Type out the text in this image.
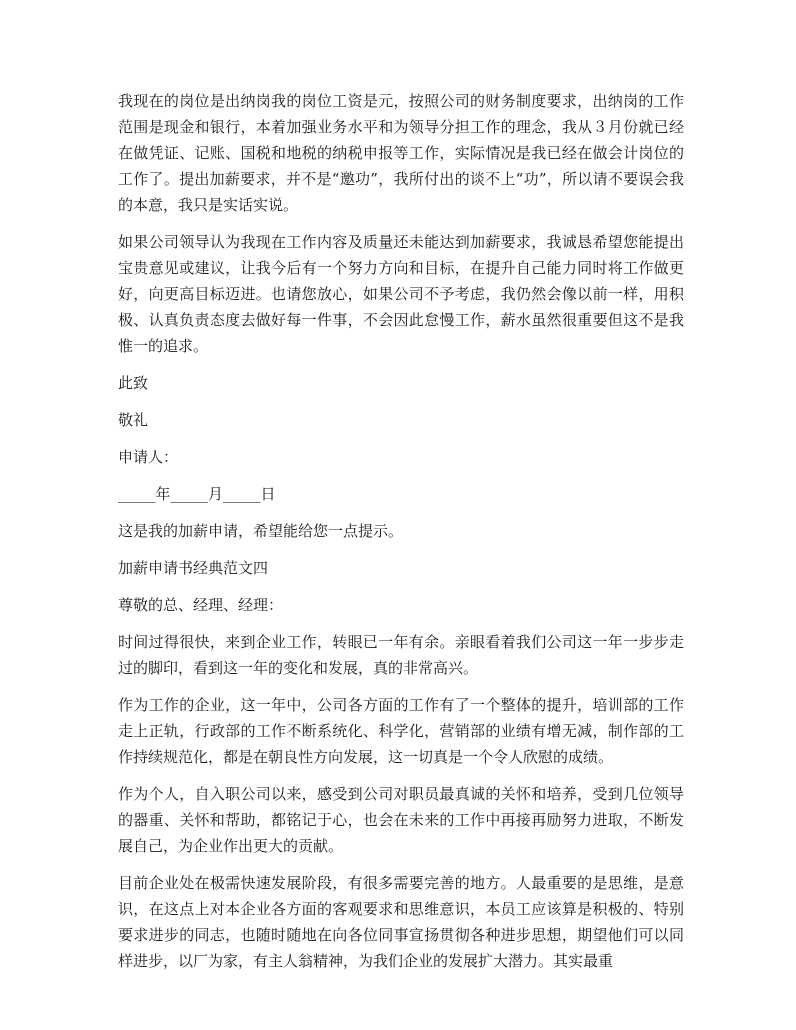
我现在的岗位是出纳岗我的岗位工资是元，按照公司的财务制度要求，出纳岗的工作范围是现金和银行，本着加强业务水平和为领导分担工作的理念，我从３月份就已经在做凭证、记账、国税和地税的纳税申报等工作，实际情况是我已经在做会计岗位的工作了。提出加薪要求，并不是“邀功”，我所付出的谈不上“功”，所以请不要误会我的本意，我只是实话实说。

如果公司领导认为我现在工作内容及质量还未能达到加薪要求，我诚恳希望您能提出宝贵意见或建议，让我今后有一个努力方向和目标，在提升自己能力同时将工作做更好，向更高目标迈进。也请您放心，如果公司不予考虑，我仍然会像以前一样，用积极、认真负责态度去做好每一件事，不会因此怠慢工作，薪水虽然很重要但这不是我惟一的追求。

此致

敬礼

申请人：

_____年_____月_____日

这是我的加薪申请，希望能给您一点提示。

加薪申请书经典范文四

尊敬的总、经理、经理：

时间过得很快，来到企业工作，转眼已一年有余。亲眼看着我们公司这一年一步步走过的脚印，看到这一年的变化和发展，真的非常高兴。

作为工作的企业，这一年中，公司各方面的工作有了一个整体的提升，培训部的工作走上正轨，行政部的工作不断系统化、科学化，营销部的业绩有增无减，制作部的工作持续规范化，都是在朝良性方向发展，这一切真是一个令人欣慰的成绩。

作为个人，自入职公司以来，感受到公司对职员最真诚的关怀和培养，受到几位领导的器重、关怀和帮助，都铭记于心，也会在未来的工作中再接再励努力进取，不断发展自己，为企业作出更大的贡献。

目前企业处在极需快速发展阶段，有很多需要完善的地方。人最重要的是思维，是意识，在这点上对本企业各方面的客观要求和思维意识，本员工应该算是积极的、特别要求进步的同志，也随时随地在向各位同事宣扬贯彻各种进步思想，期望他们可以同样进步，以厂为家，有主人翁精神，为我们企业的发展扩大潜力。其实最重
